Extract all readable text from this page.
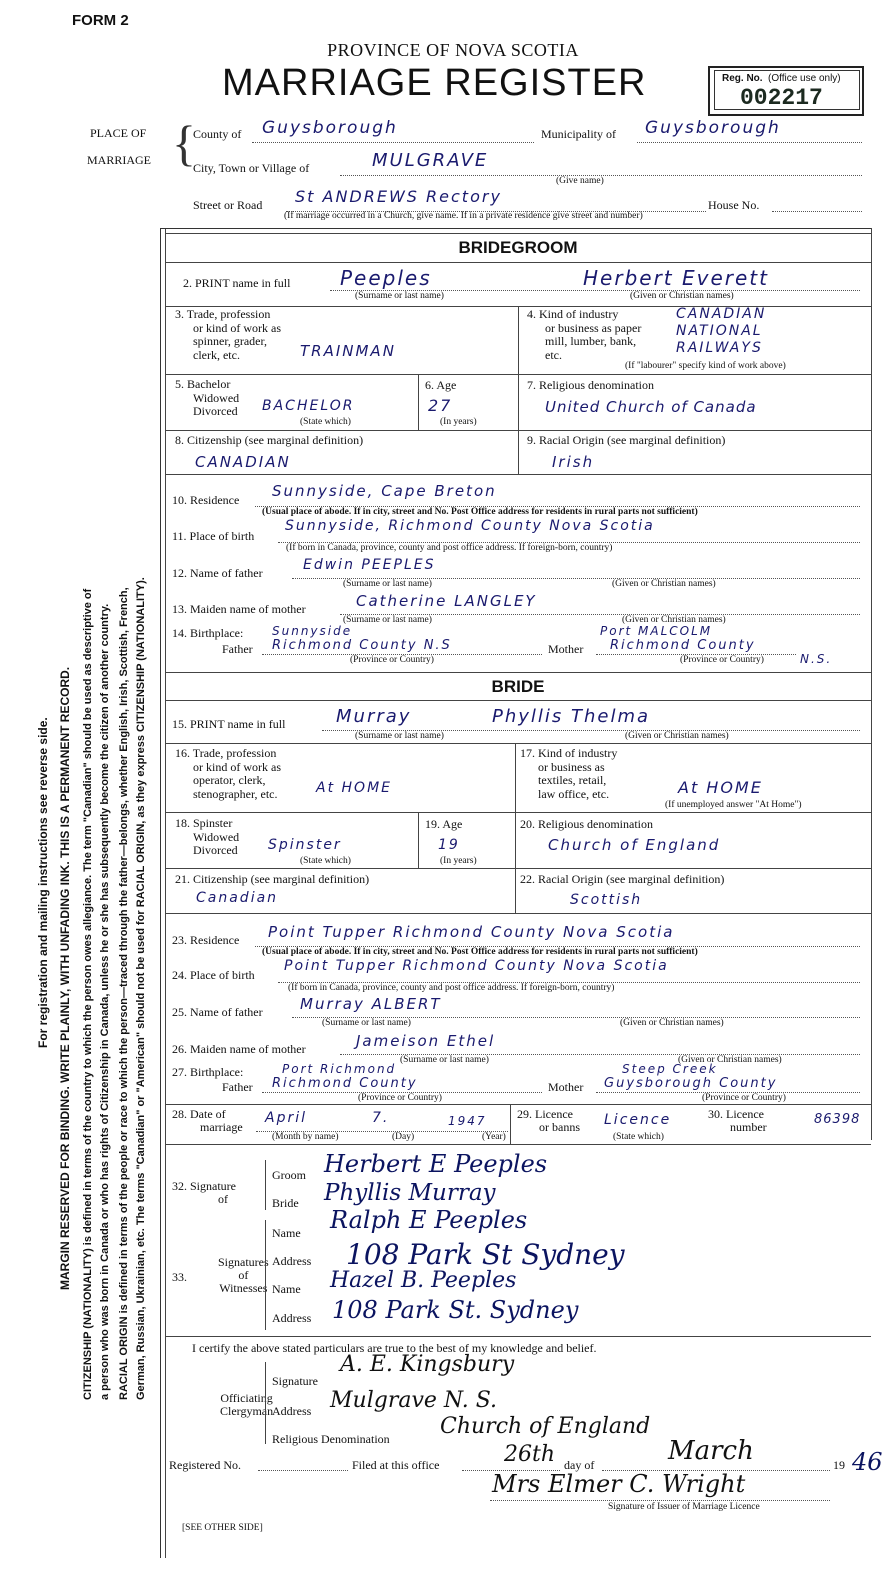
FORM 2
PROVINCE OF NOVA SCOTIA
MARRIAGE REGISTER	Reg. No. (Office use only)
002217
PLACE OF
MARRIAGE {
County of Guysborough	Municipality of Guysborough
City, Town or Village of	MULGRAVE
(Give name)
Street or Road St ANDREWS Rectory	House No.
(If marriage occurred in a Church, give name. If in a private residence give street and number)
CITIZENSHIP (NATIONALITY) is defined in terms of the country to which the person owes allegiance. The term "Canadian" should be used as descriptive of a person who was born in Canada or who has rights of Citizenship in Canada, unless he or she has subsequently become the citizen of another country. RACIAL ORIGIN is defined in terms of the people or race to which the person—traced through the father—belongs, whether English, Irish, Scottish, French, German, Russian, Ukrainian, etc. The terms "Canadian" or "American" should not be used for RACIAL ORIGIN, as they express CITIZENSHIP (NATIONALITY).
MARGIN RESERVED FOR BINDING. WRITE PLAINLY, WITH UNFADING INK. THIS IS A PERMANENT RECORD.
For registration and mailing instructions see reverse side.
BRIDEGROOM
2. PRINT name in full Peeples	Herbert Everett
(Surname or last name)	(Given or Christian names)
3. Trade, profession
or kind of work as
spinner, grader,
clerk, etc.	TRAINMAN
4. Kind of industry
or business as paper
mill, lumber, bank,
etc.
CANADIAN
NATIONAL
RAILWAYS
(If "labourer" specify kind of work above)
5. Bachelor
Widowed
Divorced BACHELOR
(State which)
6. Age
27
(In years)
7. Religious denomination
United Church of Canada
8. Citizenship (see marginal definition)
CANADIAN
9. Racial Origin (see marginal definition)
Irish
10. Residence Sunnyside, Cape Breton
(Usual place of abode. If in city, street and No. Post Office address for residents in rural parts not sufficient)
11. Place of birth
Sunnyside, Richmond County Nova Scotia
(If born in Canada, province, county and post office address. If foreign-born, country)
12. Name of father	Edwin PEEPLES
(Surname or last name)	(Given or Christian names)
13. Maiden name of mother	Catherine LANGLEY
(Surname or last name)	(Given or Christian names)
14. Birthplace:
Father
Sunnyside
Richmond County N.S
(Province or Country)
Mother
Port MALCOLM
Richmond County
N.S.
(Province or Country)
BRIDE
15. PRINT name in full	Murray	Phyllis Thelma
(Surname or last name)	(Given or Christian names)
16. Trade, profession
or kind of work as
operator, clerk,
stenographer, etc.	At HOME
17. Kind of industry
or business as
textiles, retail,
law office, etc.	At HOME
(If unemployed answer "At Home")
18. Spinster
Widowed
Divorced Spinster
(State which)
19. Age
19
(In years)
20. Religious denomination
Church of England
21. Citizenship (see marginal definition)
Canadian
22. Racial Origin (see marginal definition)
Scottish
23. Residence Point Tupper Richmond County Nova Scotia
(Usual place of abode. If in city, street and No. Post Office address for residents in rural parts not sufficient)
24. Place of birth
Point Tupper Richmond County Nova Scotia
(If born in Canada, province, county and post office address. If foreign-born, country)
25. Name of father Murray ALBERT
(Surname or last name)	(Given or Christian names)
26. Maiden name of mother	Jameison Ethel
(Surname or last name)	(Given or Christian names)
27. Birthplace:
Father
Port Richmond
Richmond County
(Province or Country)
Mother
Steep Creek
Guysborough County
(Province or Country)
28. Date of
marriage
April	7.	1947
(Month by name)	(Day)	(Year)
29. Licence
or banns Licence
(State which)
30. Licence
number	86398
32. Signature
of
Groom Herbert E Peeples
Bride Phyllis Murray
33.
Signatures
of
Witnesses
Name Ralph E Peeples
Address 108 Park St Sydney
Name Hazel B. Peeples
Address 108 Park St. Sydney
I certify the above stated particulars are true to the best of my knowledge and belief.
Officiating
Clergyman
Signature
A. E. Kingsbury
Address Mulgrave N. S.
Religious Denomination Church of England
Registered No.	Filed at this office	26th day of	March	19 46
Mrs Elmer C. Wright
Signature of Issuer of Marriage Licence
[SEE OTHER SIDE]
